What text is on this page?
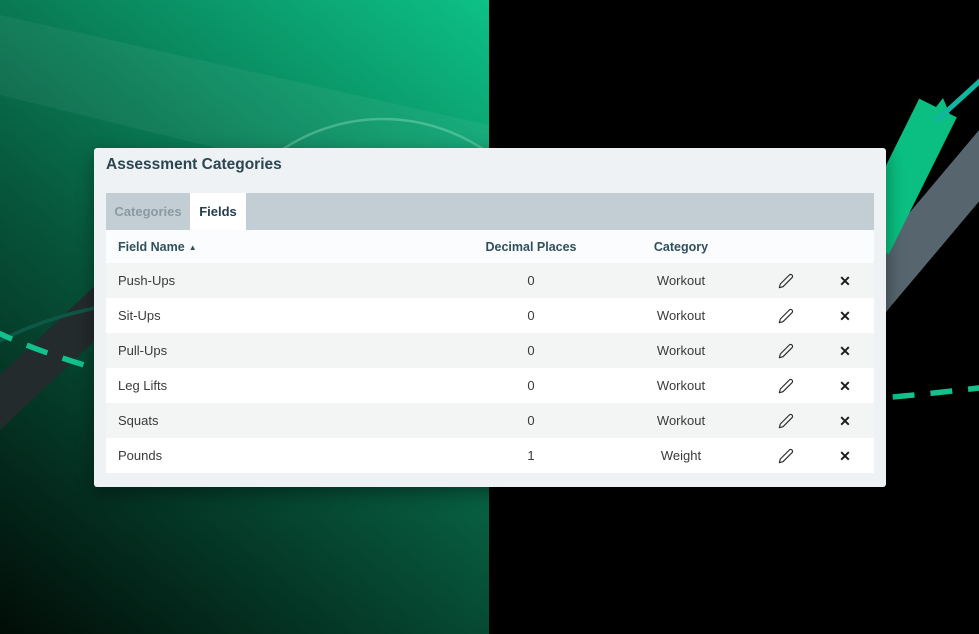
Assessment Categories
Categories	Fields
Field Name ▲	Decimal Places	Category
Push-Ups	0	Workout	✕
Sit-Ups	0	Workout	✕
Pull-Ups	0	Workout	✕
Leg Lifts	0	Workout	✕
Squats	0	Workout	✕
Pounds	1	Weight	✕
